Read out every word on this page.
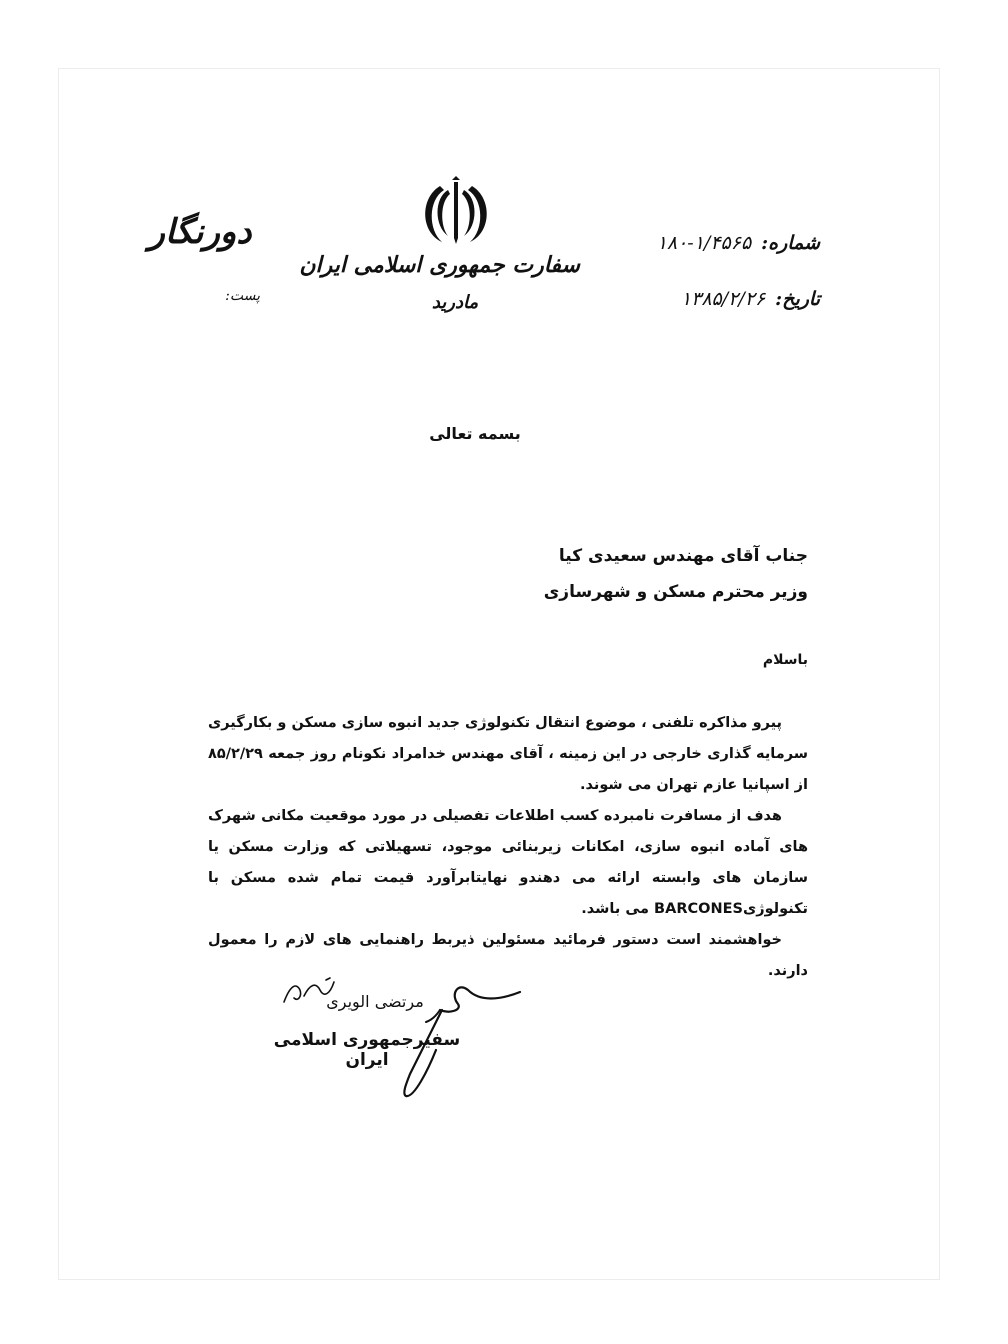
دورنگار
پست:
سفارت جمهوری اسلامی ایران
مادرید
شماره:
۱۸۰-۱/۴۵۶۵
تاریخ:
۱۳۸۵/۲/۲۶
بسمه تعالی
جناب آقای مهندس سعیدی کیا
وزیر محترم مسکن و شهرسازی
باسلام

پیرو مذاکره تلفنی ، موضوع انتقال تکنولوژی جدید انبوه سازی مسکن و بکارگیری سرمایه گذاری خارجی در این زمینه ، آقای مهندس خدامراد نکونام روز جمعه ۸۵/۲/۲۹ از اسپانیا عازم تهران می شوند.

هدف از مسافرت نامبرده کسب اطلاعات تفصیلی در مورد موقعیت مکانی شهرک های آماده انبوه سازی، امکانات زیربنائی موجود، تسهیلاتی که وزارت مسکن یا سازمان های وابسته ارائه می دهندو نهایتابرآورد قیمت تمام شده مسکن با تکنولوژیBARCONES می باشد.

خواهشمند است دستور فرمائید مسئولین ذیربط راهنمایی های لازم را معمول دارند.

مرتضی الویری
سفیرجمهوری اسلامی ایران
